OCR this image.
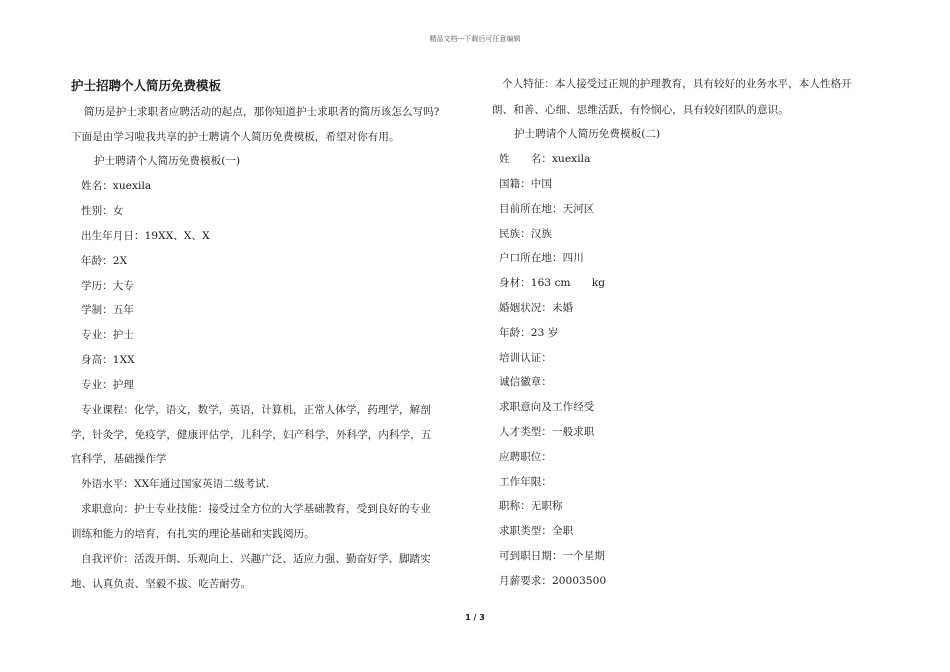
精品文档---下载后可任意编辑
护士招聘个人简历免费模板
简历是护士求职者应聘活动的起点，那你知道护士求职者的简历该怎么写吗?
下面是由学习啦我共享的护士聘请个人简历免费模板，希望对你有用。
护士聘请个人简历免费模板(一)
姓名：xuexila
性别：女
出生年月日：19XX、X、X
年龄：2X
学历：大专
学制：五年
专业：护士
身高：1XX
专业：护理
专业课程：化学，语文，数学，英语，计算机，正常人体学，药理学，解剖
学，针灸学，免疫学，健康评估学，儿科学，妇产科学，外科学，内科学，五
官科学，基础操作学
外语水平：XX年通过国家英语二级考试.
求职意向：护士专业技能：接受过全方位的大学基础教育，受到良好的专业
训练和能力的培育，有扎实的理论基础和实践阅历。
自我评价：活泼开朗、乐观向上、兴趣广泛、适应力强、勤奋好学、脚踏实
地、认真负责、坚毅不拔、吃苦耐劳。
个人特征：本人接受过正规的护理教育，具有较好的业务水平，本人性格开
朗、和善、心细、思维活跃，有怜悯心，具有较好团队的意识。
护士聘请个人简历免费模板(二)
姓　　名：xuexila
国籍：中国
目前所在地：天河区
民族：汉族
户口所在地：四川
身材：163 cm　　kg
婚姻状况：未婚
年龄：23 岁
培训认证：
诚信徽章：
求职意向及工作经受
人才类型：一般求职
应聘职位：
工作年限：
职称：无职称
求职类型：全职
可到职日期：一个星期
月薪要求：20003500
1 / 3
